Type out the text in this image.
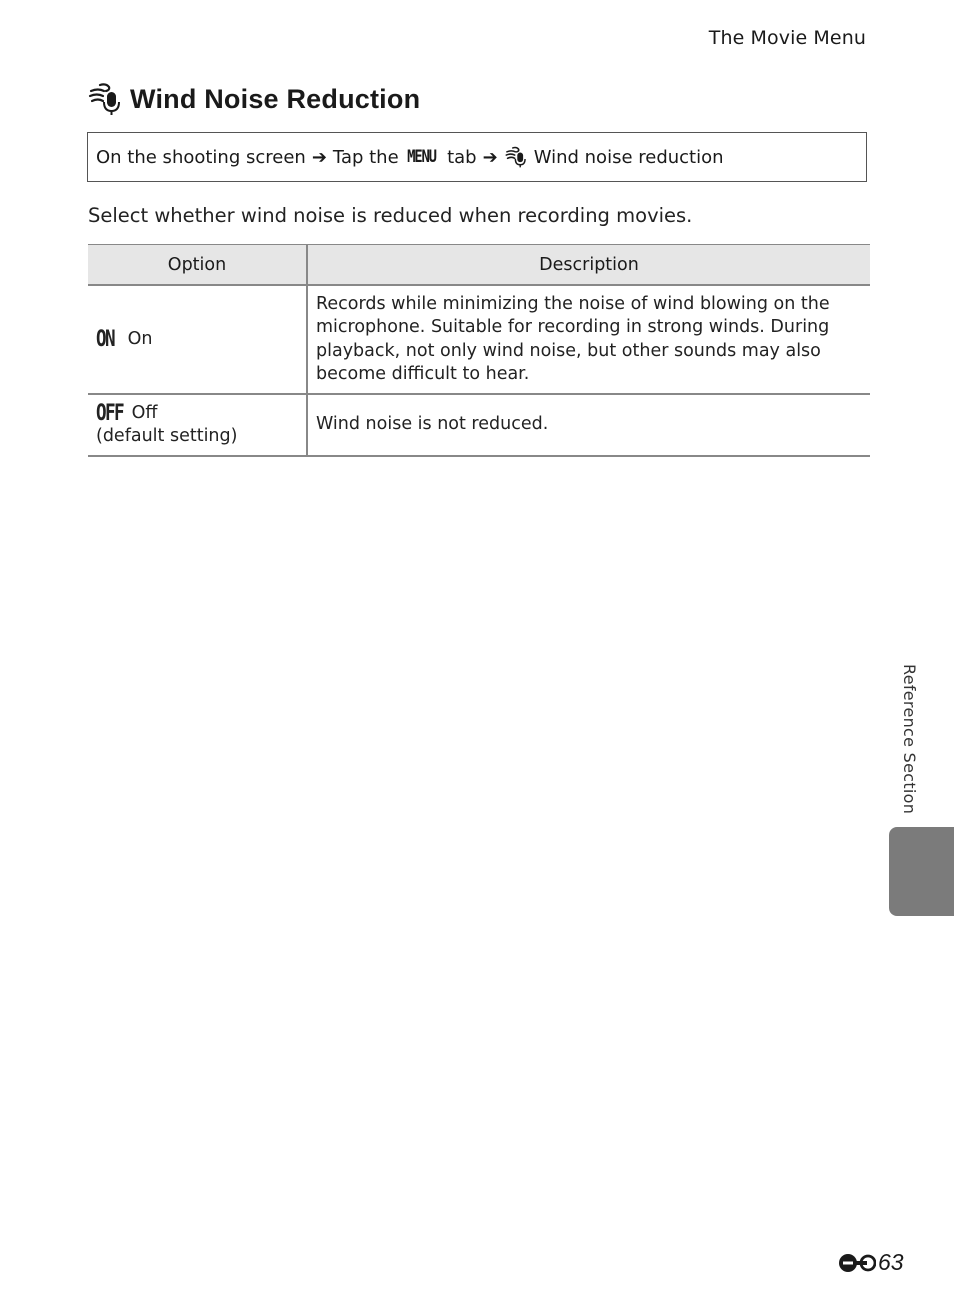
The Movie Menu
Wind Noise Reduction
On the shooting screen ➔ Tap the
MENU
tab ➔ Wind noise reduction
Select whether wind noise is reduced when recording movies.
Option	Description
ON On	Records while minimizing the noise of wind blowing on the microphone. Suitable for recording in strong winds. During playback, not only wind noise, but other sounds may also become difficult to hear.
OFF Off
(default setting)	Wind noise is not reduced.
Reference Section
63
